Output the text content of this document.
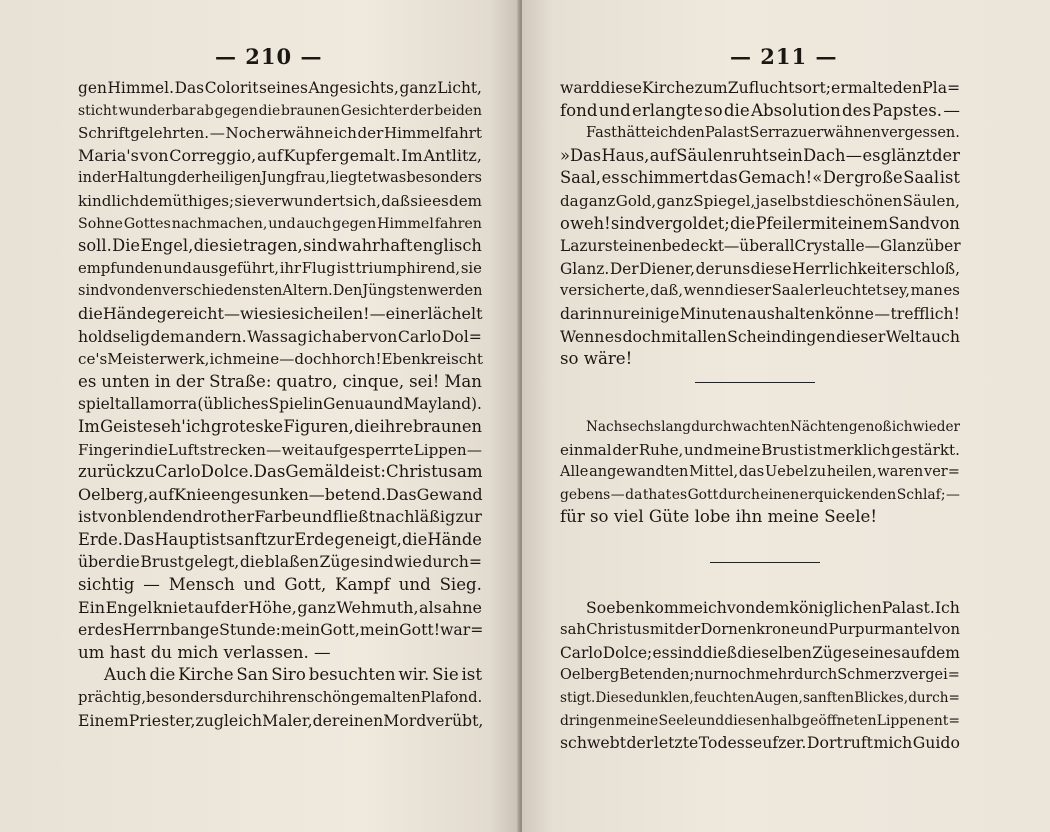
— 210 —
gen Himmel. Das Colorit seines Angesichts, ganz Licht,
sticht wunderbar ab gegen die braunen Gesichter der beiden
Schriftgelehrten. — Noch erwähne ich der Himmelfahrt
Maria's von Correggio, auf Kupfer gemalt. Im Antlitz,
in der Haltung der heiligen Jungfrau, liegt etwas besonders
kindlich demüthiges; sie verwundert sich, daß sie es dem
Sohne Gottes nachmachen, und auch gegen Himmel fahren
soll. Die Engel, die sie tragen, sind wahrhaft englisch
empfunden und ausgeführt, ihr Flug ist triumphirend, sie
sind von den verschiedensten Altern. Den Jüngsten werden
die Hände gereicht — wie sie sich eilen! — einer lächelt
holdselig dem andern. Was sag ich aber von Carlo Dol=
ce's Meisterwerk, ich meine — doch horch! Eben kreischt
es unten in der Straße: quatro, cinque, sei! Man
spielt alla morra (übliches Spiel in Genua und Mayland).
Im Geiste seh' ich groteske Figuren, die ihre braunen
Finger in die Luft strecken — weit aufgesperrte Lippen —
zurück zu Carlo Dolce. Das Gemälde ist: Christus am
Oelberg, auf Knieen gesunken — betend. Das Gewand
ist von blendend rother Farbe und fließt nachläßig zur
Erde. Das Haupt ist sanft zur Erde geneigt, die Hände
über die Brust gelegt, die blaßen Züge sind wie durch=
sichtig — Mensch und Gott, Kampf und Sieg.
Ein Engel kniet auf der Höhe, ganz Wehmuth, als ahne
er des Herrn bange Stunde: mein Gott, mein Gott! war=
um hast du mich verlassen. —
Auch die Kirche San Siro besuchten wir. Sie ist
prächtig, besonders durch ihren schön gemalten Plafond.
Einem Priester, zugleich Maler, der einen Mord verübt,
— 211 —
ward diese Kirche zum Zufluchtsort; er malte den Pla=
fond und erlangte so die Absolution des Papstes. —
Fast hätte ich den Palast Serra zu erwähnen vergessen.
»Das Haus, auf Säulen ruht sein Dach — es glänzt der
Saal, es schimmert das Gemach!« Der große Saal ist
da ganz Gold, ganz Spiegel, ja selbst die schönen Säulen,
o weh! sind vergoldet; die Pfeiler mit einem Sand von
Lazursteinen bedeckt — überall Crystalle — Glanz über
Glanz. Der Diener, der uns diese Herrlichkeit erschloß,
versicherte, daß, wenn dieser Saal erleuchtet sey, man es
darin nur einige Minuten aushalten könne — trefflich!
Wenn es doch mit allen Scheindingen dieser Welt auch
so wäre!
Nach sechs lang durchwachten Nächten genoß ich wieder
einmal der Ruhe, und meine Brust ist merklich gestärkt.
Alle angewandten Mittel, das Uebel zu heilen, waren ver=
gebens — da that es Gott durch einen erquickenden Schlaf; —
für so viel Güte lobe ihn meine Seele!
So eben komme ich von dem königlichen Palast. Ich
sah Christus mit der Dornenkrone und Purpurmantel von
Carlo Dolce; es sind dieß dieselben Züge seines auf dem
Oelberg Betenden; nur noch mehr durch Schmerz vergei=
stigt. Diese dunklen, feuchten Augen, sanften Blickes, durch=
dringen meine Seele und diesen halb geöffneten Lippen ent=
schwebt der letzte Todesseufzer. Dort ruft mich Guido
